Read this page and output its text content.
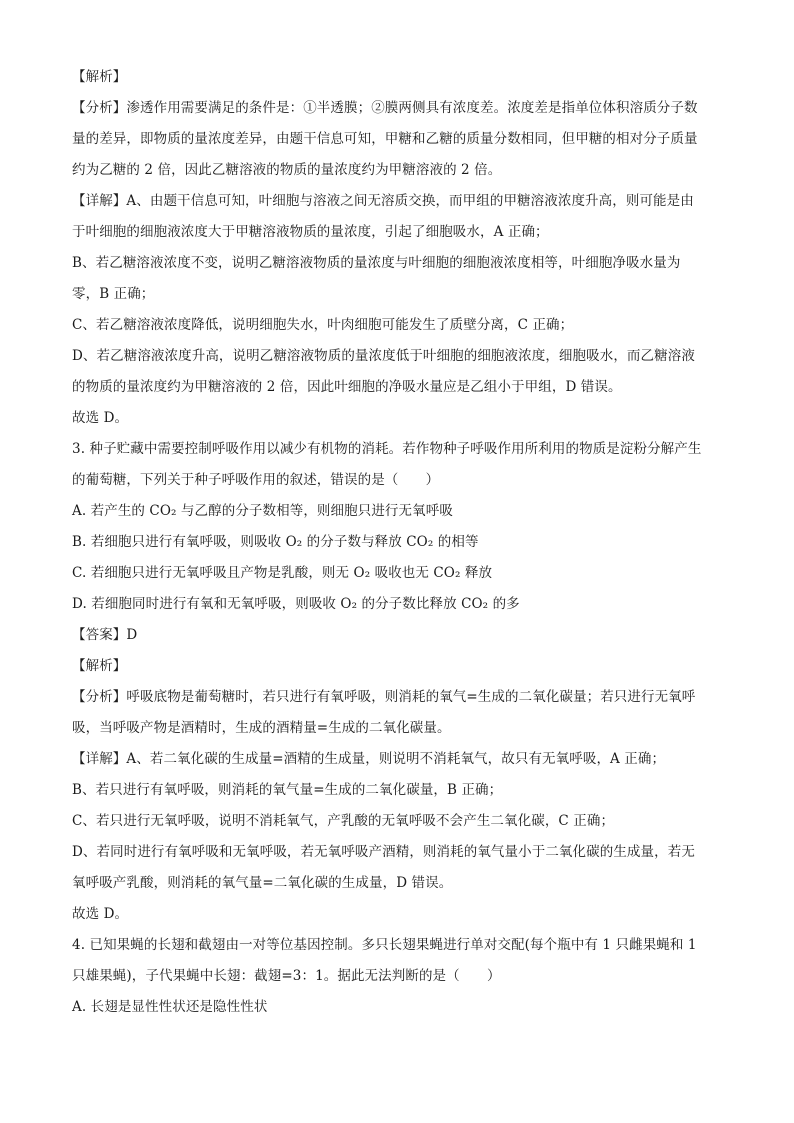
【解析】
【分析】渗透作用需要满足的条件是：①半透膜；②膜两侧具有浓度差。浓度差是指单位体积溶质分子数
量的差异，即物质的量浓度差异，由题干信息可知，甲糖和乙糖的质量分数相同，但甲糖的相对分子质量
约为乙糖的 2 倍，因此乙糖溶液的物质的量浓度约为甲糖溶液的 2 倍。
【详解】A、由题干信息可知，叶细胞与溶液之间无溶质交换，而甲组的甲糖溶液浓度升高，则可能是由
于叶细胞的细胞液浓度大于甲糖溶液物质的量浓度，引起了细胞吸水，A 正确；
B、若乙糖溶液浓度不变，说明乙糖溶液物质的量浓度与叶细胞的细胞液浓度相等，叶细胞净吸水量为
零，B 正确；
C、若乙糖溶液浓度降低，说明细胞失水，叶肉细胞可能发生了质壁分离，C 正确；
D、若乙糖溶液浓度升高，说明乙糖溶液物质的量浓度低于叶细胞的细胞液浓度，细胞吸水，而乙糖溶液
的物质的量浓度约为甲糖溶液的 2 倍，因此叶细胞的净吸水量应是乙组小于甲组，D 错误。
故选 D。
3. 种子贮藏中需要控制呼吸作用以减少有机物的消耗。若作物种子呼吸作用所利用的物质是淀粉分解产生
的葡萄糖，下列关于种子呼吸作用的叙述，错误的是（　　）
A. 若产生的 CO₂ 与乙醇的分子数相等，则细胞只进行无氧呼吸
B. 若细胞只进行有氧呼吸，则吸收 O₂ 的分子数与释放 CO₂ 的相等
C. 若细胞只进行无氧呼吸且产物是乳酸，则无 O₂ 吸收也无 CO₂ 释放
D. 若细胞同时进行有氧和无氧呼吸，则吸收 O₂ 的分子数比释放 CO₂ 的多
【答案】D
【解析】
【分析】呼吸底物是葡萄糖时，若只进行有氧呼吸，则消耗的氧气=生成的二氧化碳量；若只进行无氧呼
吸，当呼吸产物是酒精时，生成的酒精量=生成的二氧化碳量。
【详解】A、若二氧化碳的生成量=酒精的生成量，则说明不消耗氧气，故只有无氧呼吸，A 正确；
B、若只进行有氧呼吸，则消耗的氧气量=生成的二氧化碳量，B 正确；
C、若只进行无氧呼吸，说明不消耗氧气，产乳酸的无氧呼吸不会产生二氧化碳，C 正确；
D、若同时进行有氧呼吸和无氧呼吸，若无氧呼吸产酒精，则消耗的氧气量小于二氧化碳的生成量，若无
氧呼吸产乳酸，则消耗的氧气量=二氧化碳的生成量，D 错误。
故选 D。
4. 已知果蝇的长翅和截翅由一对等位基因控制。多只长翅果蝇进行单对交配(每个瓶中有 1 只雌果蝇和 1
只雄果蝇)，子代果蝇中长翅：截翅=3：1。据此无法判断的是（　　）
A. 长翅是显性性状还是隐性性状
